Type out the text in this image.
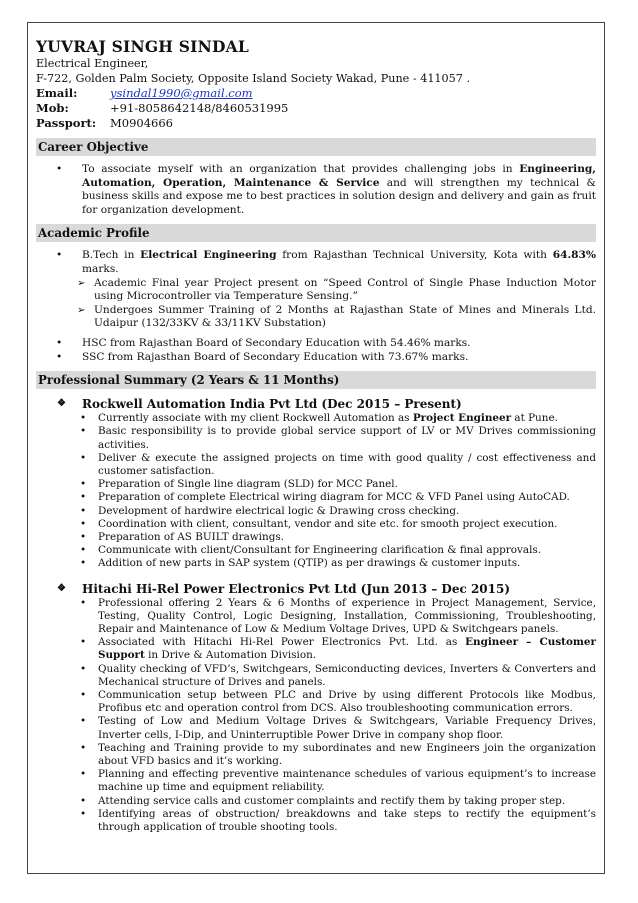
YUVRAJ SINGH SINDAL
Electrical Engineer,
F-722, Golden Palm Society, Opposite Island Society Wakad, Pune - 411057 .
Email:	ysindal1990@gmail.com
Mob:	+91-8058642148/8460531995
Passport:	M0904666
Career Objective
• To associate myself with an organization that provides challenging jobs in Engineering, Automation, Operation, Maintenance & Service and will strengthen my technical & business skills and expose me to best practices in solution design and delivery and gain as fruit for organization development.
Academic Profile
• B.Tech in Electrical Engineering from Rajasthan Technical University, Kota with 64.83% marks.
➢ Academic Final year Project present on “Speed Control of Single Phase Induction Motor using Microcontroller via Temperature Sensing.”
➢ Undergoes Summer Training of 2 Months at Rajasthan State of Mines and Minerals Ltd. Udaipur (132/33KV & 33/11KV Substation)
• HSC from Rajasthan Board of Secondary Education with 54.46% marks.
• SSC from Rajasthan Board of Secondary Education with 73.67% marks.
Professional Summary (2 Years & 11 Months)
❖ Rockwell Automation India Pvt Ltd (Dec 2015 – Present)
• Currently associate with my client Rockwell Automation as Project Engineer at Pune.
• Basic responsibility is to provide global service support of LV or MV Drives commissioning activities.
• Deliver & execute the assigned projects on time with good quality / cost effectiveness and customer satisfaction.
• Preparation of Single line diagram (SLD) for MCC Panel.
• Preparation of complete Electrical wiring diagram for MCC & VFD Panel using AutoCAD.
• Development of hardwire electrical logic & Drawing cross checking.
• Coordination with client, consultant, vendor and site etc. for smooth project execution.
• Preparation of AS BUILT drawings.
• Communicate with client/Consultant for Engineering clarification & final approvals.
• Addition of new parts in SAP system (QTIP) as per drawings & customer inputs.
❖ Hitachi Hi-Rel Power Electronics Pvt Ltd (Jun 2013 – Dec 2015)
• Professional offering 2 Years & 6 Months of experience in Project Management, Service, Testing, Quality Control, Logic Designing, Installation, Commissioning, Troubleshooting, Repair and Maintenance of Low & Medium Voltage Drives, UPD & Switchgears panels.
• Associated with Hitachi Hi-Rel Power Electronics Pvt. Ltd. as Engineer – Customer Support in Drive & Automation Division.
• Quality checking of VFD’s, Switchgears, Semiconducting devices, Inverters & Converters and Mechanical structure of Drives and panels.
• Communication setup between PLC and Drive by using different Protocols like Modbus, Profibus etc and operation control from DCS. Also troubleshooting communication errors.
• Testing of Low and Medium Voltage Drives & Switchgears, Variable Frequency Drives, Inverter cells, I-Dip, and Uninterruptible Power Drive in company shop floor.
• Teaching and Training provide to my subordinates and new Engineers join the organization about VFD basics and it’s working.
• Planning and effecting preventive maintenance schedules of various equipment’s to increase machine up time and equipment reliability.
• Attending service calls and customer complaints and rectify them by taking proper step.
• Identifying areas of obstruction/ breakdowns and take steps to rectify the equipment’s through application of trouble shooting tools.
